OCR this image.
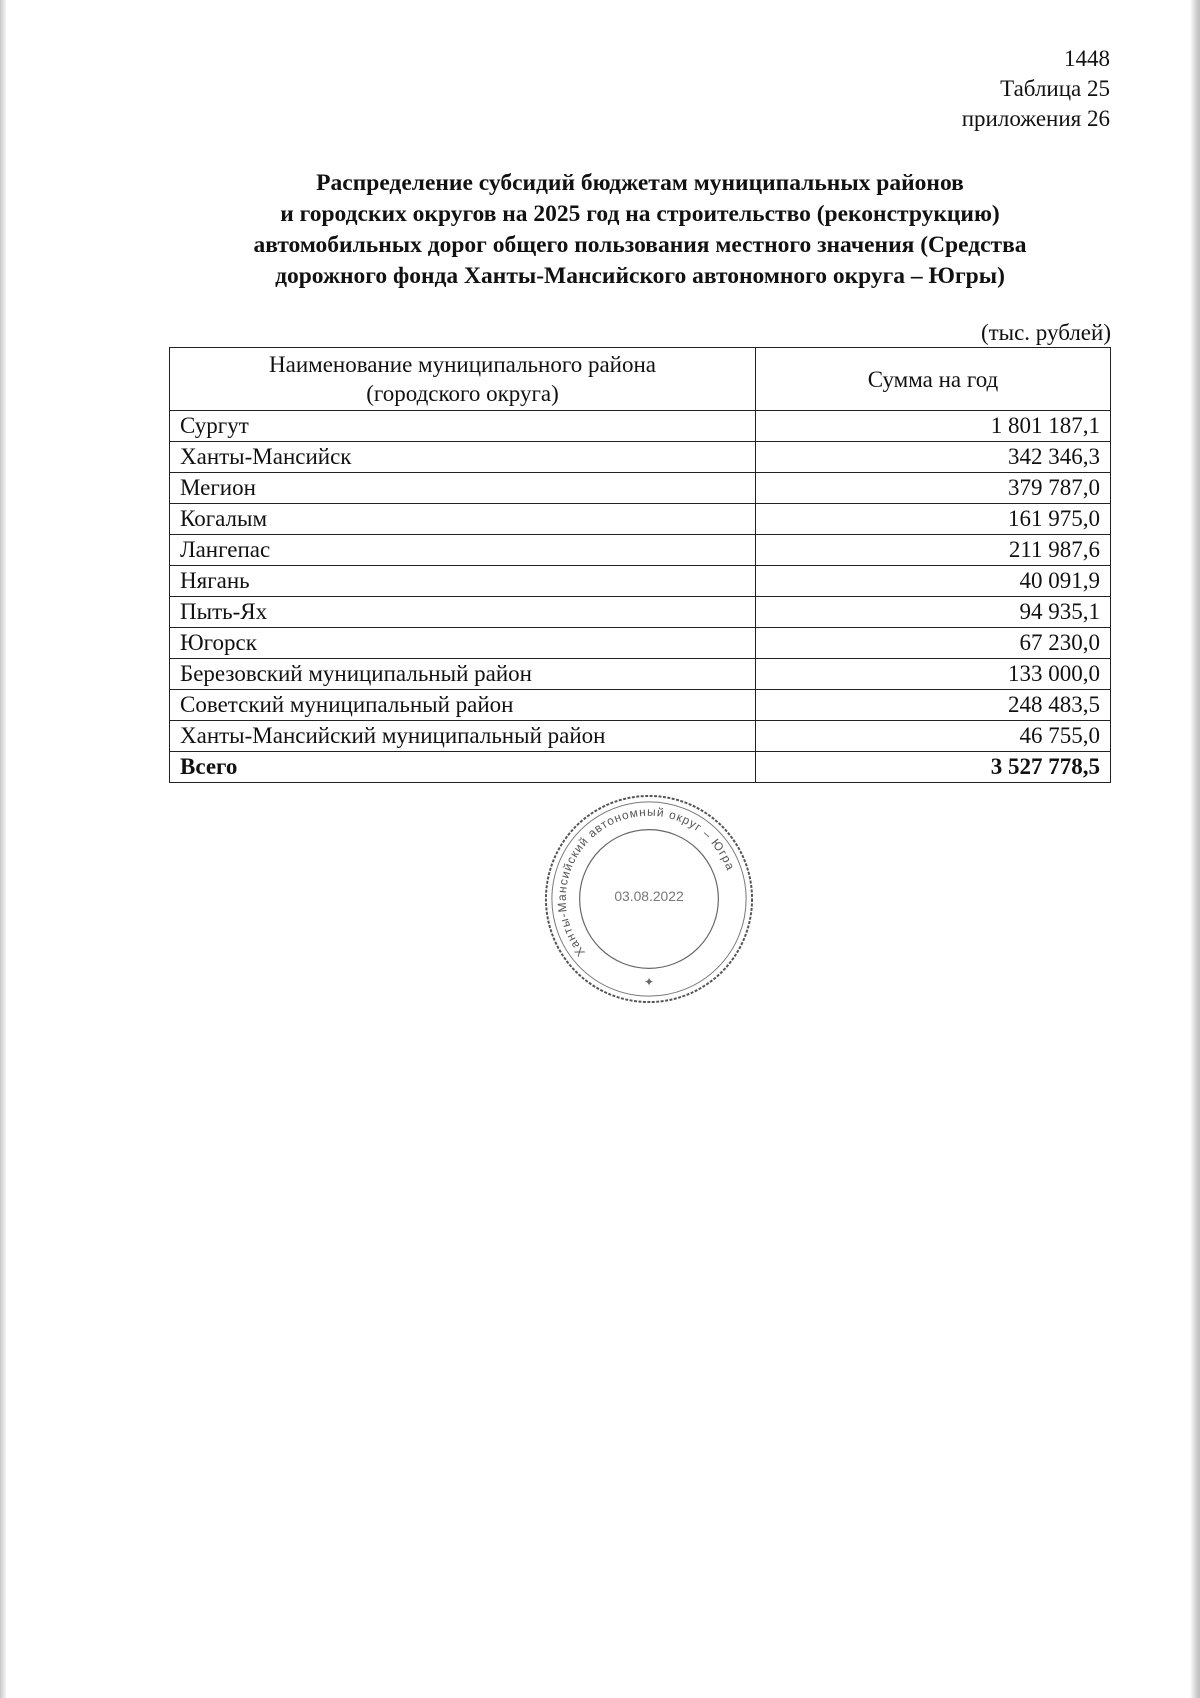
1448
Таблица 25
приложения 26
Распределение субсидий бюджетам муниципальных районов
и городских округов на 2025 год на строительство (реконструкцию)
автомобильных дорог общего пользования местного значения (Средства
дорожного фонда Ханты-Мансийского автономного округа – Югры)
(тыс. рублей)
Наименование муниципального района
(городского округа)	Сумма на год
Сургут	1 801 187,1
Ханты-Мансийск	342 346,3
Мегион	379 787,0
Когалым	161 975,0
Лангепас	211 987,6
Нягань	40 091,9
Пыть-Ях	94 935,1
Югорск	67 230,0
Березовский муниципальный район	133 000,0
Советский муниципальный район	248 483,5
Ханты-Мансийский муниципальный район	46 755,0
Всего	3 527 778,5
Ханты-Мансийский автономный округ – Югра
03.08.2022
✦
